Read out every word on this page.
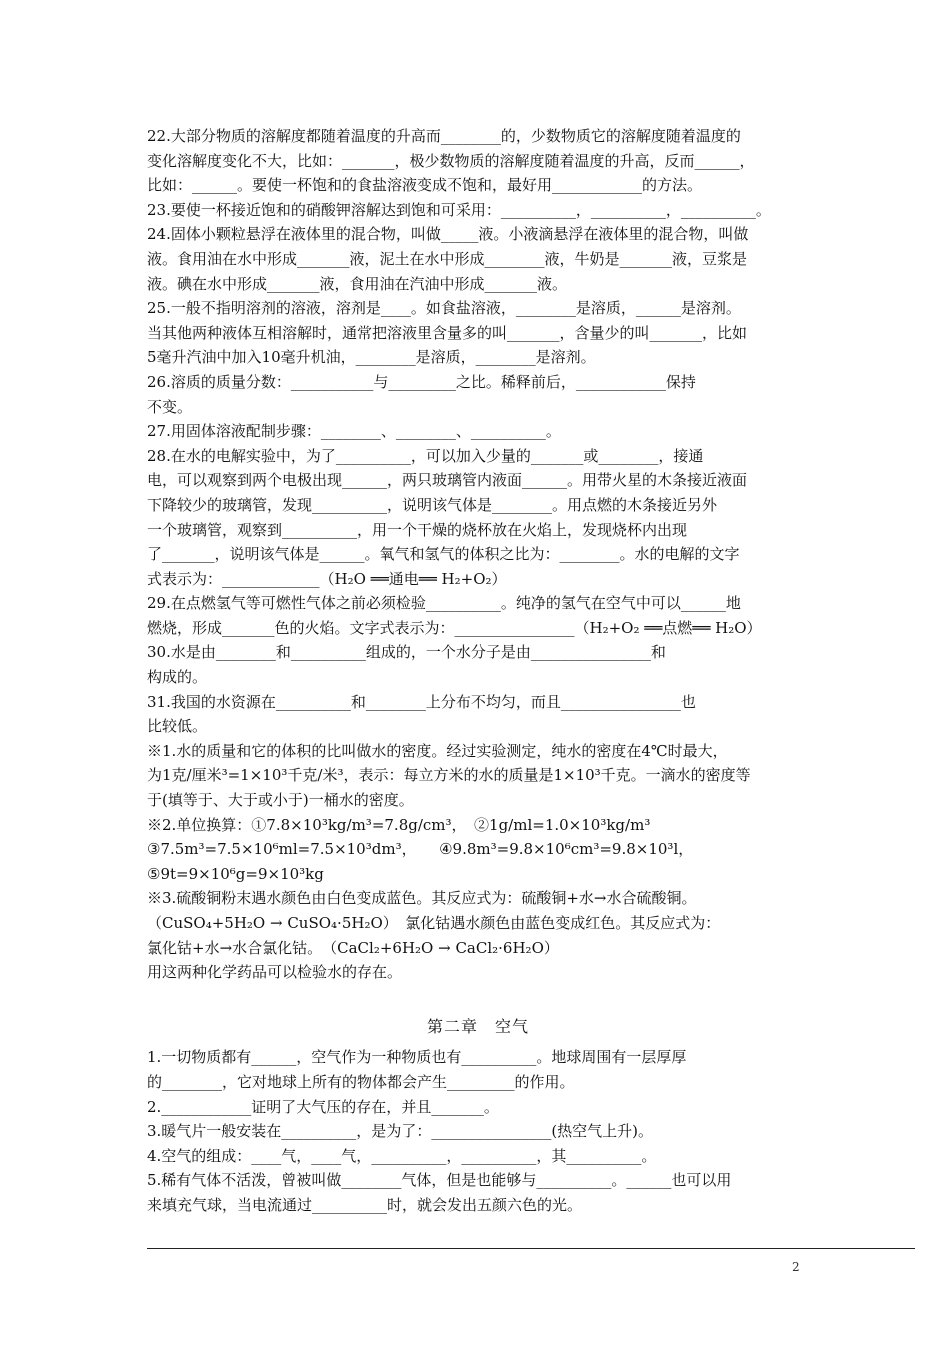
22.大部分物质的溶解度都随着温度的升高而________的，少数物质它的溶解度随着温度的

变化溶解度变化不大，比如：_______，极少数物质的溶解度随着温度的升高，反而______，

比如：______。要使一杯饱和的食盐溶液变成不饱和，最好用____________的方法。

23.要使一杯接近饱和的硝酸钾溶解达到饱和可采用：__________，__________，__________。

24.固体小颗粒悬浮在液体里的混合物，叫做_____液。小液滴悬浮在液体里的混合物，叫做

液。食用油在水中形成_______液，泥土在水中形成________液，牛奶是_______液，豆浆是

液。碘在水中形成_______液，食用油在汽油中形成_______液。

25.一般不指明溶剂的溶液，溶剂是____。如食盐溶液，________是溶质，______是溶剂。

当其他两种液体互相溶解时，通常把溶液里含量多的叫_______，含量少的叫_______，比如

5毫升汽油中加入10毫升机油，________是溶质，________是溶剂。

26.溶质的质量分数：___________与_________之比。稀释前后，____________保持

不变。

27.用固体溶液配制步骤：________、________、__________。

28.在水的电解实验中，为了__________，可以加入少量的_______或________，接通

电，可以观察到两个电极出现______，两只玻璃管内液面______。用带火星的木条接近液面

下降较少的玻璃管，发现__________，说明该气体是________。用点燃的木条接近另外

一个玻璃管，观察到__________，用一个干燥的烧杯放在火焰上，发现烧杯内出现

了_______，说明该气体是______。氧气和氢气的体积之比为：________。水的电解的文字

式表示为：_____________（H₂O ══通电══ H₂+O₂）

29.在点燃氢气等可燃性气体之前必须检验__________。纯净的氢气在空气中可以______地

燃烧，形成_______色的火焰。文字式表示为：________________（H₂+O₂ ══点燃══ H₂O）

30.水是由________和__________组成的，一个水分子是由________________和

构成的。

31.我国的水资源在__________和________上分布不均匀，而且________________也

比较低。

※1.水的质量和它的体积的比叫做水的密度。经过实验测定，纯水的密度在4℃时最大，

为1克/厘米³=1×10³千克/米³，表示：每立方米的水的质量是1×10³千克。一滴水的密度等

于(填等于、大于或小于)一桶水的密度。

※2.单位换算：①7.8×10³kg/m³=7.8g/cm³，　②1g/ml=1.0×10³kg/m³

③7.5m³=7.5×10⁶ml=7.5×10³dm³，　　④9.8m³=9.8×10⁶cm³=9.8×10³l，

⑤9t=9×10⁶g=9×10³kg

※3.硫酸铜粉末遇水颜色由白色变成蓝色。其反应式为：硫酸铜+水→水合硫酸铜。

（CuSO₄+5H₂O → CuSO₄·5H₂O）　氯化钴遇水颜色由蓝色变成红色。其反应式为：

氯化钴+水→水合氯化钴。　（CaCl₂+6H₂O → CaCl₂·6H₂O）

用这两种化学药品可以检验水的存在。

第二章　空气

1.一切物质都有______，空气作为一种物质也有__________。地球周围有一层厚厚

的________，它对地球上所有的物体都会产生_________的作用。

2.____________证明了大气压的存在，并且_______。

3.暖气片一般安装在__________，是为了：________________(热空气上升)。

4.空气的组成：____气，____气，__________，__________，其__________。

5.稀有气体不活泼，曾被叫做________气体，但是也能够与__________。______也可以用

来填充气球，当电流通过__________时，就会发出五颜六色的光。

2
